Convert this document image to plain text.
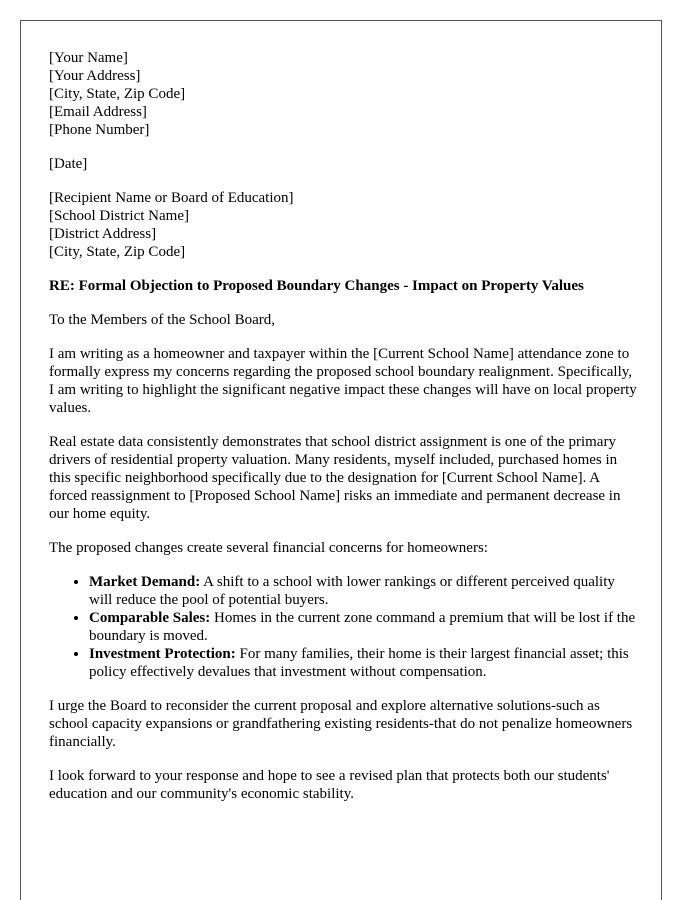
[Your Name]
[Your Address]
[City, State, Zip Code]
[Email Address]
[Phone Number]
[Date]
[Recipient Name or Board of Education]
[School District Name]
[District Address]
[City, State, Zip Code]
RE: Formal Objection to Proposed Boundary Changes - Impact on Property Values

To the Members of the School Board,

I am writing as a homeowner and taxpayer within the [Current School Name] attendance zone to formally express my concerns regarding the proposed school boundary realignment. Specifically, I am writing to highlight the significant negative impact these changes will have on local property values.

Real estate data consistently demonstrates that school district assignment is one of the primary drivers of residential property valuation. Many residents, myself included, purchased homes in this specific neighborhood specifically due to the designation for [Current School Name]. A forced reassignment to [Proposed School Name] risks an immediate and permanent decrease in our home equity.

The proposed changes create several financial concerns for homeowners:

• Market Demand: A shift to a school with lower rankings or different perceived quality will reduce the pool of potential buyers.
• Comparable Sales: Homes in the current zone command a premium that will be lost if the boundary is moved.
• Investment Protection: For many families, their home is their largest financial asset; this policy effectively devalues that investment without compensation.

I urge the Board to reconsider the current proposal and explore alternative solutions-such as school capacity expansions or grandfathering existing residents-that do not penalize homeowners financially.

I look forward to your response and hope to see a revised plan that protects both our students' education and our community's economic stability.
